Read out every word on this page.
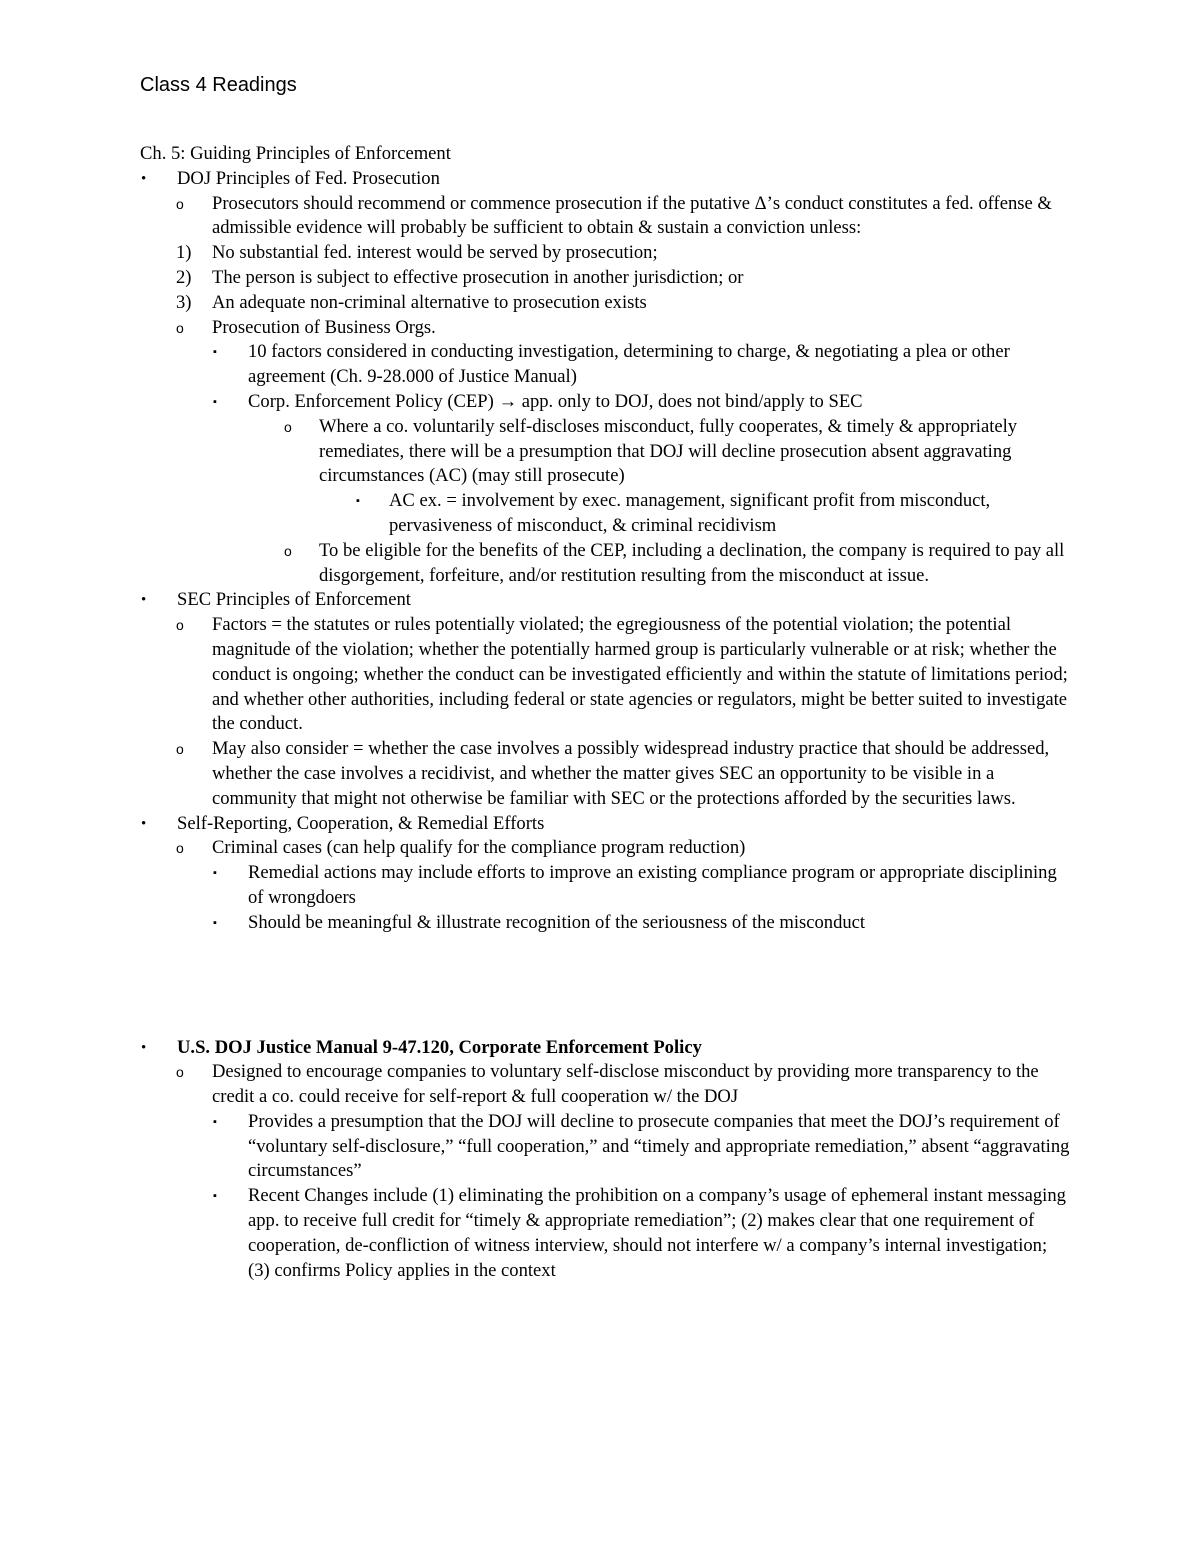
Class 4 Readings

Ch. 5: Guiding Principles of Enforcement

•	DOJ Principles of Fed. Prosecution
o	Prosecutors should recommend or commence prosecution if the putative Δ’s conduct constitutes a fed. offense & admissible evidence will probably be sufficient to obtain & sustain a conviction unless:
1)	No substantial fed. interest would be served by prosecution;
2)	The person is subject to effective prosecution in another jurisdiction; or
3)	An adequate non-criminal alternative to prosecution exists
o	Prosecution of Business Orgs.
▪	10 factors considered in conducting investigation, determining to charge, & negotiating a plea or other agreement (Ch. 9-28.000 of Justice Manual)
▪	Corp. Enforcement Policy (CEP) → app. only to DOJ, does not bind/apply to SEC
o	Where a co. voluntarily self-discloses misconduct, fully cooperates, & timely & appropriately remediates, there will be a presumption that DOJ will decline prosecution absent aggravating circumstances (AC) (may still prosecute)
▪	AC ex. = involvement by exec. management, significant profit from misconduct, pervasiveness of misconduct, & criminal recidivism
o	To be eligible for the benefits of the CEP, including a declination, the company is required to pay all disgorgement, forfeiture, and/or restitution resulting from the misconduct at issue.
•	SEC Principles of Enforcement
o	Factors = the statutes or rules potentially violated; the egregiousness of the potential violation; the potential magnitude of the violation; whether the potentially harmed group is particularly vulnerable or at risk; whether the conduct is ongoing; whether the conduct can be investigated efficiently and within the statute of limitations period; and whether other authorities, including federal or state agencies or regulators, might be better suited to investigate the conduct.
o	May also consider = whether the case involves a possibly widespread industry practice that should be addressed, whether the case involves a recidivist, and whether the matter gives SEC an opportunity to be visible in a community that might not otherwise be familiar with SEC or the protections afforded by the securities laws.
•	Self-Reporting, Cooperation, & Remedial Efforts
o	Criminal cases (can help qualify for the compliance program reduction)
▪	Remedial actions may include efforts to improve an existing compliance program or appropriate disciplining of wrongdoers
▪	Should be meaningful & illustrate recognition of the seriousness of the misconduct
•	U.S. DOJ Justice Manual 9-47.120, Corporate Enforcement Policy
o	Designed to encourage companies to voluntary self-disclose misconduct by providing more transparency to the credit a co. could receive for self-report & full cooperation w/ the DOJ
▪	Provides a presumption that the DOJ will decline to prosecute companies that meet the DOJ’s requirement of “voluntary self-disclosure,” “full cooperation,” and “timely and appropriate remediation,” absent “aggravating circumstances”
▪	Recent Changes include (1) eliminating the prohibition on a company’s usage of ephemeral instant messaging app. to receive full credit for “timely & appropriate remediation”; (2) makes clear that one requirement of cooperation, de-confliction of witness interview, should not interfere w/ a company’s internal investigation; (3) confirms Policy applies in the context
